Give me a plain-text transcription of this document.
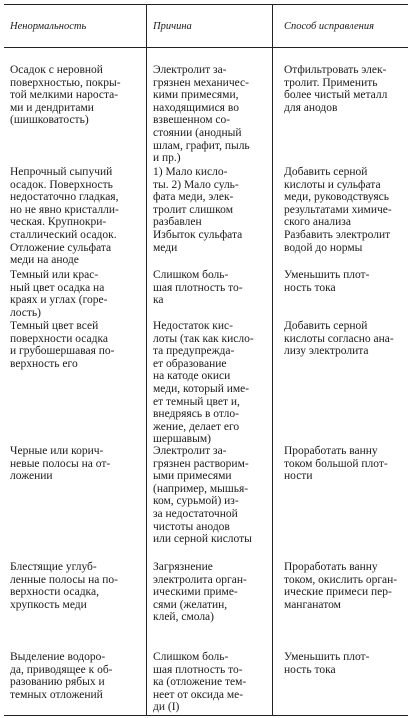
Ненормальность	Причина	Способ исправления
Осадок с неровной
поверхностью, покры-
той мелкими нароста-
ми и дендритами
(шишковатость)
Электролит за-
грязнен механичес-
кими примесями,
находящимися во
взвешенном со-
стоянии (анодный
шлам, графит, пыль
и пр.)
Отфильтровать элек-
тролит. Применить
более чистый металл
для анодов
Непрочный сыпучий
осадок. Поверхность
недостаточно гладкая,
но не явно кристалли-
ческая. Крупнокри-
сталлический осадок.
Отложение сульфата
меди на аноде
1) Мало кисло-
ты. 2) Мало суль-
фата меди, элек-
тролит слишком
разбавлен
Избыток сульфата
меди
Добавить серной
кислоты и сульфата
меди, руководствуясь
результатами химиче-
ского анализа
Разбавить электролит
водой до нормы
Темный или крас-
ный цвет осадка на
краях и углах (горе-
лость)
Слишком боль-
шая плотность то-
ка
Уменьшить плот-
ность тока
Темный цвет всей
поверхности осадка
и грубошершавая по-
верхность его
Недостаток кис-
лоты (так как кисло-
та предупрежда-
ет образование
на катоде окиси
меди, который име-
ет темный цвет и,
внедряясь в отло-
жение, делает его
шершавым)
Добавить серной
кислоты согласно ана-
лизу электролита
Черные или корич-
невые полосы на от-
ложении
Электролит за-
грязнен растворим-
ыми примесями
(например, мышья-
ком, сурьмой) из-
за недостаточной
чистоты анодов
или серной кислоты
Проработать ванну
током большой плот-
ности
Блестящие углуб-
ленные полосы на по-
верхности осадка,
хрупкость меди
Загрязнение
электролита орган-
ическими приме-
сями (желатин,
клей, смола)
Проработать ванну
током, окислить орган-
ические примеси пер-
манганатом
Выделение водоро-
да, приводящее к об-
разованию рябых и
темных отложений
Слишком боль-
шая плотность то-
ка (отложение тем-
неет от оксида ме-
ди (I)
Уменьшить плот-
ность тока
